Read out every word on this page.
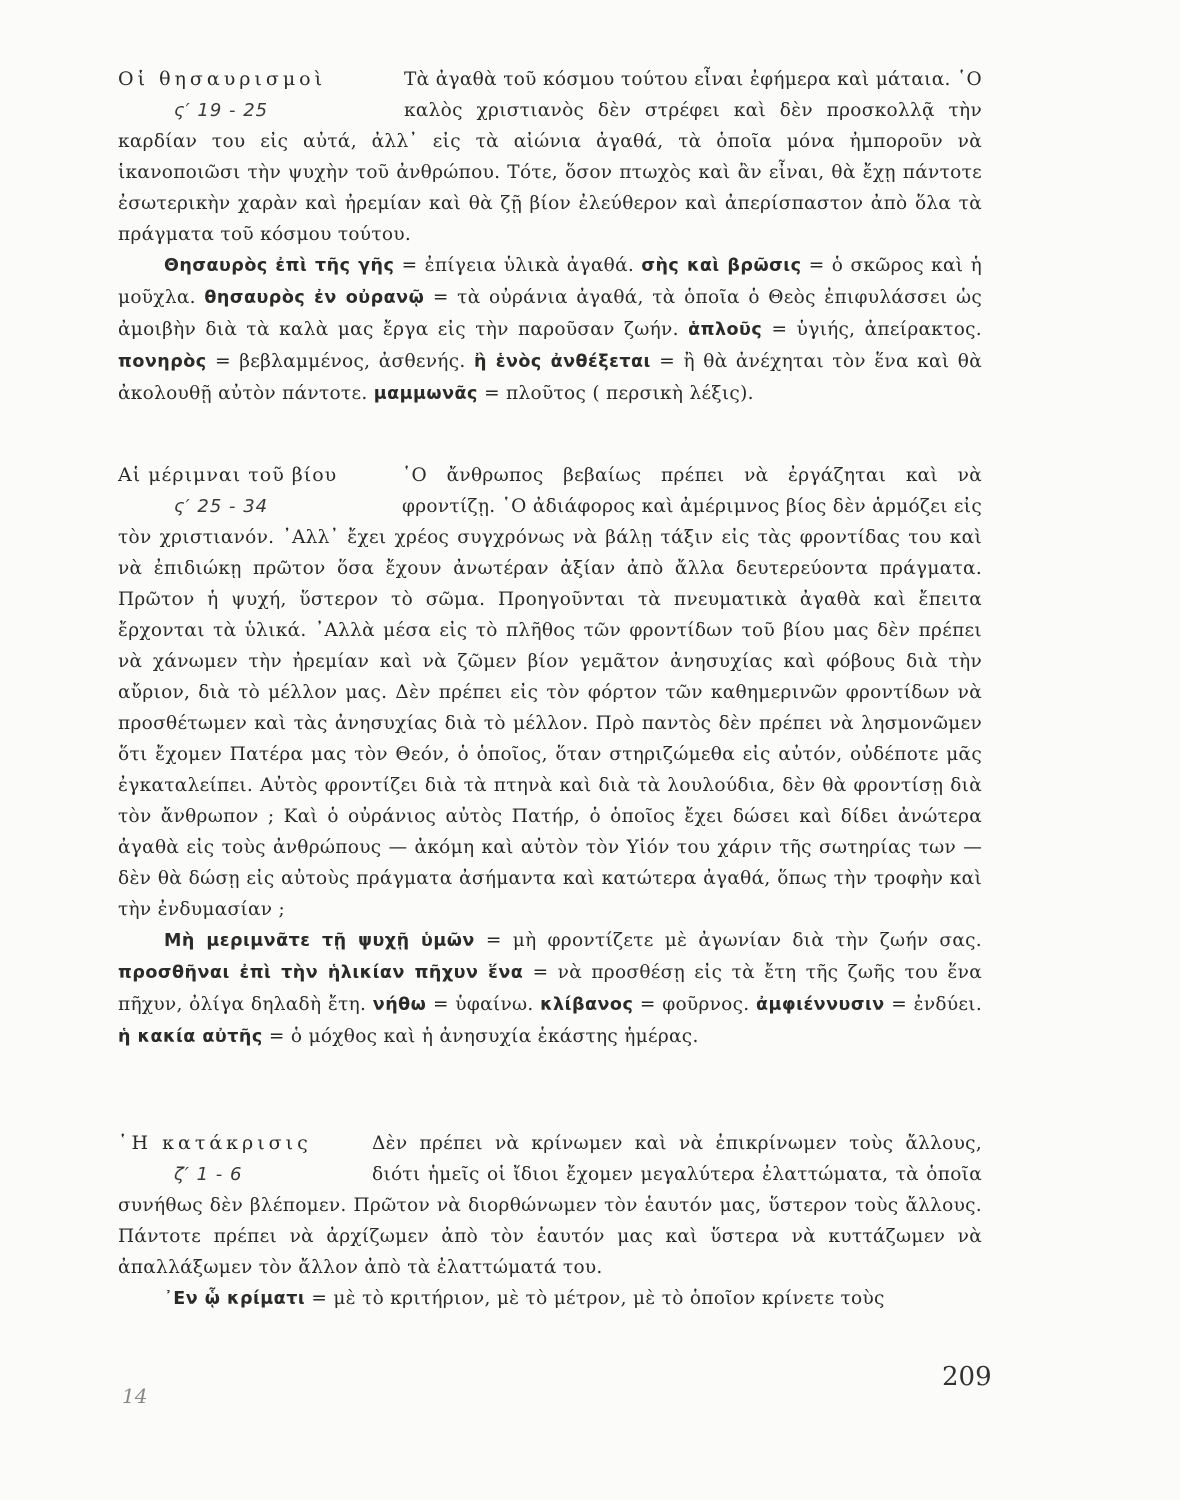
Οἱ θησαυρισμοὶ
ς′ 19 - 25

Τὰ ἀγαθὰ τοῦ κόσμου τούτου εἶναι ἐφήμερα καὶ μάταια. ῾Ο καλὸς χριστιανὸς δὲν στρέφει καὶ δὲν προσκολλᾷ τὴν καρδίαν του εἰς αὐτά, ἀλλ᾽ εἰς τὰ αἰώνια ἀγαθά, τὰ ὁποῖα μόνα ἠμποροῦν νὰ ἱκανοποιῶσι τὴν ψυχὴν τοῦ ἀνθρώπου. Τότε, ὅσον πτωχὸς καὶ ἂν εἶναι, θὰ ἔχῃ πάντοτε ἐσωτερικὴν χαρὰν καὶ ἠρεμίαν καὶ θὰ ζῇ βίον ἐλεύθερον καὶ ἀπερίσπαστον ἀπὸ ὅλα τὰ πράγματα τοῦ κόσμου τούτου.

Θησαυρὸς ἐπὶ τῆς γῆς = ἐπίγεια ὑλικὰ ἀγαθά. σὴς καὶ βρῶσις = ὁ σκῶρος καὶ ἡ μοῦχλα. θησαυρὸς ἐν οὐρανῷ = τὰ οὐράνια ἀγαθά, τὰ ὁποῖα ὁ Θεὸς ἐπιφυλάσσει ὡς ἀμοιβὴν διὰ τὰ καλὰ μας ἔργα εἰς τὴν παροῦσαν ζωήν. ἁπλοῦς = ὑγιής, ἀπείρακτος. πονηρὸς = βεβλαμμένος, ἀσθενής. ἢ ἑνὸς ἀνθέξεται = ἢ θὰ ἀνέχηται τὸν ἕνα καὶ θὰ ἀκολουθῇ αὐτὸν πάντοτε. μαμμωνᾶς = πλοῦτος ( περσικὴ λέξις).

Αἱ μέριμναι τοῦ βίου
ς′ 25 - 34

῾Ο ἄνθρωπος βεβαίως πρέπει νὰ ἐργάζηται καὶ νὰ φροντίζῃ. ῾Ο ἀδιάφορος καὶ ἀμέριμνος βίος δὲν ἁρμόζει εἰς τὸν χριστιανόν. ᾿Αλλ᾽ ἔχει χρέος συγχρόνως νὰ βάλῃ τάξιν εἰς τὰς φροντίδας του καὶ νὰ ἐπιδιώκῃ πρῶτον ὅσα ἔχουν ἀνωτέραν ἀξίαν ἀπὸ ἄλλα δευτερεύοντα πράγματα. Πρῶτον ἡ ψυχή, ὕστερον τὸ σῶμα. Προηγοῦνται τὰ πνευματικὰ ἀγαθὰ καὶ ἔπειτα ἔρχονται τὰ ὑλικά. ᾿Αλλὰ μέσα εἰς τὸ πλῆθος τῶν φροντίδων τοῦ βίου μας δὲν πρέπει νὰ χάνωμεν τὴν ἠρεμίαν καὶ νὰ ζῶμεν βίον γεμᾶτον ἀνησυχίας καὶ φόβους διὰ τὴν αὔριον, διὰ τὸ μέλλον μας. Δὲν πρέπει εἰς τὸν φόρτον τῶν καθημερινῶν φροντίδων νὰ προσθέτωμεν καὶ τὰς ἀνησυχίας διὰ τὸ μέλλον. Πρὸ παντὸς δὲν πρέπει νὰ λησμονῶμεν ὅτι ἔχομεν Πατέρα μας τὸν Θεόν, ὁ ὁποῖος, ὅταν στηριζώμεθα εἰς αὐτόν, οὐδέποτε μᾶς ἐγκαταλείπει. Αὐτὸς φροντίζει διὰ τὰ πτηνὰ καὶ διὰ τὰ λουλούδια, δὲν θὰ φροντίσῃ διὰ τὸν ἄνθρωπον ; Καὶ ὁ οὐράνιος αὐτὸς Πατήρ, ὁ ὁποῖος ἔχει δώσει καὶ δίδει ἀνώτερα ἀγαθὰ εἰς τοὺς ἀνθρώπους — ἀκόμη καὶ αὐτὸν τὸν Υἱόν του χάριν τῆς σωτηρίας των — δὲν θὰ δώσῃ εἰς αὐτοὺς πράγματα ἀσήμαντα καὶ κατώτερα ἀγαθά, ὅπως τὴν τροφὴν καὶ τὴν ἐνδυμασίαν ;

Μὴ μεριμνᾶτε τῇ ψυχῇ ὑμῶν = μὴ φροντίζετε μὲ ἀγωνίαν διὰ τὴν ζωήν σας. προσθῆναι ἐπὶ τὴν ἡλικίαν πῆχυν ἕνα = νὰ προσθέσῃ εἰς τὰ ἔτη τῆς ζωῆς του ἕνα πῆχυν, ὀλίγα δηλαδὴ ἔτη. νήθω = ὑφαίνω. κλίβανος = φοῦρνος. ἀμφιέννυσιν = ἐνδύει. ἡ κακία αὐτῆς = ὁ μόχθος καὶ ἡ ἀνησυχία ἑκάστης ἡμέρας.

῾Η κατάκρισις
ζ′ 1 - 6

Δὲν πρέπει νὰ κρίνωμεν καὶ νὰ ἐπικρίνωμεν τοὺς ἄλλους, διότι ἡμεῖς οἱ ἴδιοι ἔχομεν μεγαλύτερα ἐλαττώματα, τὰ ὁποῖα συνήθως δὲν βλέπομεν. Πρῶτον νὰ διορθώνωμεν τὸν ἑαυτόν μας, ὕστερον τοὺς ἄλλους. Πάντοτε πρέπει νὰ ἀρχίζωμεν ἀπὸ τὸν ἑαυτόν μας καὶ ὕστερα νὰ κυττάζωμεν νὰ ἀπαλλάξωμεν τὸν ἄλλον ἀπὸ τὰ ἐλαττώματά του.

᾿Εν ᾧ κρίματι = μὲ τὸ κριτήριον, μὲ τὸ μέτρον, μὲ τὸ ὁποῖον κρίνετε τοὺς

14
209
